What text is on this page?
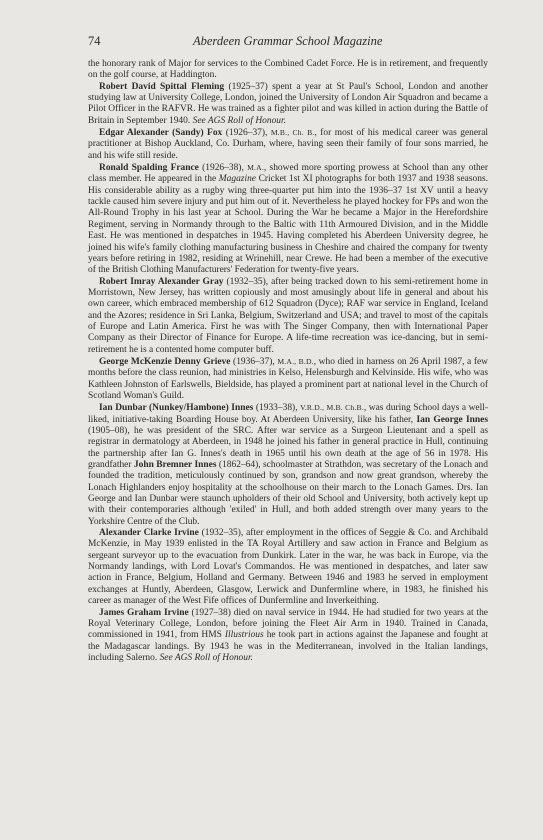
74	Aberdeen Grammar School Magazine

the honorary rank of Major for services to the Combined Cadet Force. He is in retirement, and frequently on the golf course, at Haddington.

Robert David Spittal Fleming (1925–37) spent a year at St Paul's School, London and another studying law at University College, London, joined the University of London Air Squadron and became a Pilot Officer in the RAFVR. He was trained as a fighter pilot and was killed in action during the Battle of Britain in September 1940. See AGS Roll of Honour.

Edgar Alexander (Sandy) Fox (1926–37), M.B., Ch. B., for most of his medical career was general practitioner at Bishop Auckland, Co. Durham, where, having seen their family of four sons married, he and his wife still reside.

Ronald Spalding France (1926–38), M.A., showed more sporting prowess at School than any other class member. He appeared in the Magazine Cricket 1st XI photographs for both 1937 and 1938 seasons. His considerable ability as a rugby wing three-quarter put him into the 1936–37 1st XV until a heavy tackle caused him severe injury and put him out of it. Nevertheless he played hockey for FPs and won the All-Round Trophy in his last year at School. During the War he became a Major in the Herefordshire Regiment, serving in Normandy through to the Baltic with 11th Armoured Division, and in the Middle East. He was mentioned in despatches in 1945. Having completed his Aberdeen University degree, he joined his wife's family clothing manufacturing business in Cheshire and chaired the company for twenty years before retiring in 1982, residing at Wrinehill, near Crewe. He had been a member of the executive of the British Clothing Manufacturers' Federation for twenty-five years.

Robert Imray Alexander Gray (1932–35), after being tracked down to his semi-retirement home in Morristown, New Jersey, has written copiously and most amusingly about life in general and about his own career, which embraced membership of 612 Squadron (Dyce); RAF war service in England, Iceland and the Azores; residence in Sri Lanka, Belgium, Switzerland and USA; and travel to most of the capitals of Europe and Latin America. First he was with The Singer Company, then with International Paper Company as their Director of Finance for Europe. A life-time recreation was ice-dancing, but in semi-retirement he is a contented home computer buff.

George McKenzie Denny Grieve (1936–37), M.A., B.D., who died in harness on 26 April 1987, a few months before the class reunion, had ministries in Kelso, Helensburgh and Kelvinside. His wife, who was Kathleen Johnston of Earlswells, Bieldside, has played a prominent part at national level in the Church of Scotland Woman's Guild.

Ian Dunbar (Nunkey/Hambone) Innes (1933–38), V.R.D., M.B. Ch.B., was during School days a well-liked, initiative-taking Boarding House boy. At Aberdeen University, like his father, Ian George Innes (1905–08), he was president of the SRC. After war service as a Surgeon Lieutenant and a spell as registrar in dermatology at Aberdeen, in 1948 he joined his father in general practice in Hull, continuing the partnership after Ian G. Innes's death in 1965 until his own death at the age of 56 in 1978. His grandfather John Bremner Innes (1862–64), schoolmaster at Strathdon, was secretary of the Lonach and founded the tradition, meticulously continued by son, grandson and now great grandson, whereby the Lonach Highlanders enjoy hospitality at the schoolhouse on their march to the Lonach Games. Drs. Ian George and Ian Dunbar were staunch upholders of their old School and University, both actively kept up with their contemporaries although 'exiled' in Hull, and both added strength over many years to the Yorkshire Centre of the Club.

Alexander Clarke Irvine (1932–35), after employment in the offices of Seggie & Co. and Archibald McKenzie, in May 1939 enlisted in the TA Royal Artillery and saw action in France and Belgium as sergeant surveyor up to the evacuation from Dunkirk. Later in the war, he was back in Europe, via the Normandy landings, with Lord Lovat's Commandos. He was mentioned in despatches, and later saw action in France, Belgium, Holland and Germany. Between 1946 and 1983 he served in employment exchanges at Huntly, Aberdeen, Glasgow, Lerwick and Dunfermline where, in 1983, he finished his career as manager of the West Fife offices of Dunfermline and Inverkeithing.

James Graham Irvine (1927–38) died on naval service in 1944. He had studied for two years at the Royal Veterinary College, London, before joining the Fleet Air Arm in 1940. Trained in Canada, commissioned in 1941, from HMS Illustrious he took part in actions against the Japanese and fought at the Madagascar landings. By 1943 he was in the Mediterranean, involved in the Italian landings, including Salerno. See AGS Roll of Honour.
